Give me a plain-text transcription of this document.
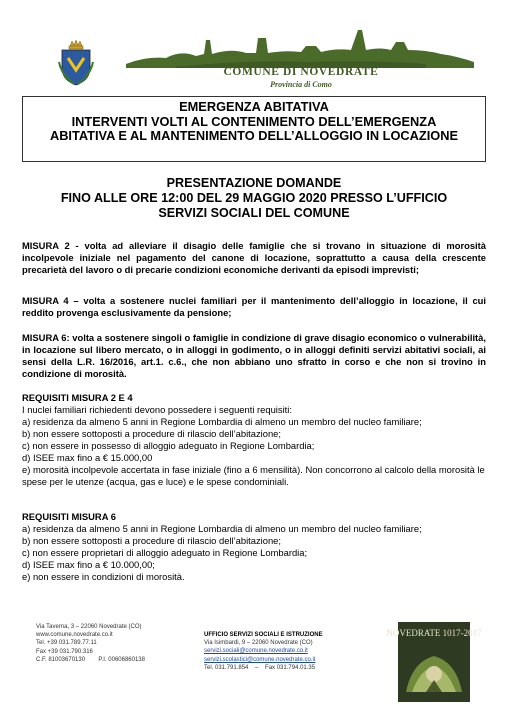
COMUNE DI NOVEDRATE
Provincia di Como
EMERGENZA ABITATIVA
INTERVENTI VOLTI AL CONTENIMENTO DELL’EMERGENZA
ABITATIVA E AL MANTENIMENTO DELL’ALLOGGIO IN LOCAZIONE
PRESENTAZIONE DOMANDE
FINO ALLE ORE 12:00 DEL 29 MAGGIO 2020 PRESSO L’UFFICIO
SERVIZI SOCIALI DEL COMUNE
MISURA 2 - volta ad alleviare il disagio delle famiglie che si trovano in situazione di morosità incolpevole iniziale nel pagamento del canone di locazione, soprattutto a causa della crescente precarietà del lavoro o di precarie condizioni economiche derivanti da episodi imprevisti;
MISURA 4 – volta a sostenere nuclei familiari per il mantenimento dell’alloggio in locazione, il cui reddito provenga esclusivamente da pensione;
MISURA 6: volta a sostenere singoli o famiglie in condizione di grave disagio economico o vulnerabilità, in locazione sul libero mercato, o in alloggi in godimento, o in alloggi definiti servizi abitativi sociali, ai sensi della L.R. 16/2016, art.1. c.6., che non abbiano uno sfratto in corso e che non si trovino in condizione di morosità.
REQUISITI MISURA 2 E 4
I nuclei familiari richiedenti devono possedere i seguenti requisiti:
a) residenza da almeno 5 anni in Regione Lombardia di almeno un membro del nucleo familiare;
b) non essere sottoposti a procedure di rilascio dell’abitazione;
c) non essere in possesso di alloggio adeguato in Regione Lombardia;
d) ISEE max fino a € 15.000,00
e) morosità incolpevole accertata in fase iniziale (fino a 6 mensilità). Non concorrono al calcolo della morosità le spese per le utenze (acqua, gas e luce) e le spese condominiali.
REQUISITI MISURA 6
a) residenza da almeno 5 anni in Regione Lombardia di almeno un membro del nucleo familiare;
b) non essere sottoposti a procedure di rilascio dell’abitazione;
c) non essere proprietari di alloggio adeguato in Regione Lombardia;
d) ISEE max fino a € 10.000,00;
e) non essere in condizioni di morosità.
Via Taverna, 3 – 22060 Novedrate (CO)
www.comune.novedrate.co.it
Tel. +39 031.789.77.11
Fax +39 031.790.316
C.F. 81003670130        P.I. 00606860138
UFFICIO SERVIZI SOCIALI E ISTRUZIONE
Via Isimbardi, 9 – 22060 Novedrate (CO)
servizi.sociali@comune.novedrate.co.it
servizi.scolastici@comune.novedrate.co.it
Tel. 031.791.854    –    Fax 031.794.01.35
NOVEDRATE 1017-2017
